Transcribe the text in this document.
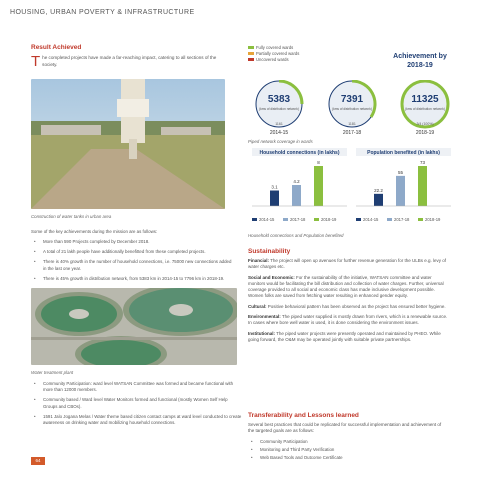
HOUSING, URBAN POVERTY & INFRASTRUCTURE
Result Achieved
T he completed projects have made a far-reaching impact, catering to all sections of the society.
Construction of water tanks in urban area
Some of the key achievements during the mission are as follows:
• More than 590 Projects completed by December 2018.
• A total of 21 lakh people have additionally benefitted from these completed projects.
• There is 40% growth in the number of household connections, i.e. 75000 new connections added in the last one year.
• There is 45% growth in distribution network, from 5383 km in 2014-15 to 7796 km in 2018-19.
Water treatment plant
• Community Participation: ward level WATSAN Committee was formed and became functional with more than 12000 members.
• Community based / Ward level Water Monitors formed and functional (mostly Women Self Help Groups and CBOs).
• 1591 Jalo Jogana Melas / Water theme based citizen contact camps at ward level conducted to create awareness on drinking water and mobilizing household connections.
64
Fully covered wards
Partially covered wards
Uncovered wards	Achievement by 2018-19
5383
(kms of distribution network)
1161
2014-15
7391
(kms of distribution network)
1181
2017-18
11325
(kms of distribution network)
3/4 (100%)
2018-19
Piped network coverage in wards
Household connections (in lakhs)
3.1
4.2
8
2014-15	2017-18	2018-19
Population benefited (in lakhs)
22.2
55
73
2014-15	2017-18	2018-19
Household connections and Population benefited
Sustainability

Financial: The project will open up avenues for further revenue generation for the ULBs e.g. levy of water charges etc.

Social and Economic: For the sustainability of the initiative, WATSAN committee and water monitors would be facilitating the bill distribution and collection of water charges. Further, universal coverage provided to all social and economic class has made inclusive development possible. Women folks are saved from fetching water resulting in enhanced gender equity.

Cultural: Positive behavioral pattern has been observed as the project has ensured better hygiene.

Environmental: The piped water supplied is mostly drawn from rivers, which is a renewable source. In cases where bore well water is used, it is done considering the environment issues.

Institutional: The piped water projects were presently operated and maintained by PHEO. While going forward, the O&M may be operated jointly with suitable private partnerships.

Transferability and Lessons learned
Several best practices that could be replicated for successful implementation and achievement of the targeted goals are as follows:
• Community Participation
• Monitoring and Third Party Verification
• Web Based Tools and Outcome Certificate
